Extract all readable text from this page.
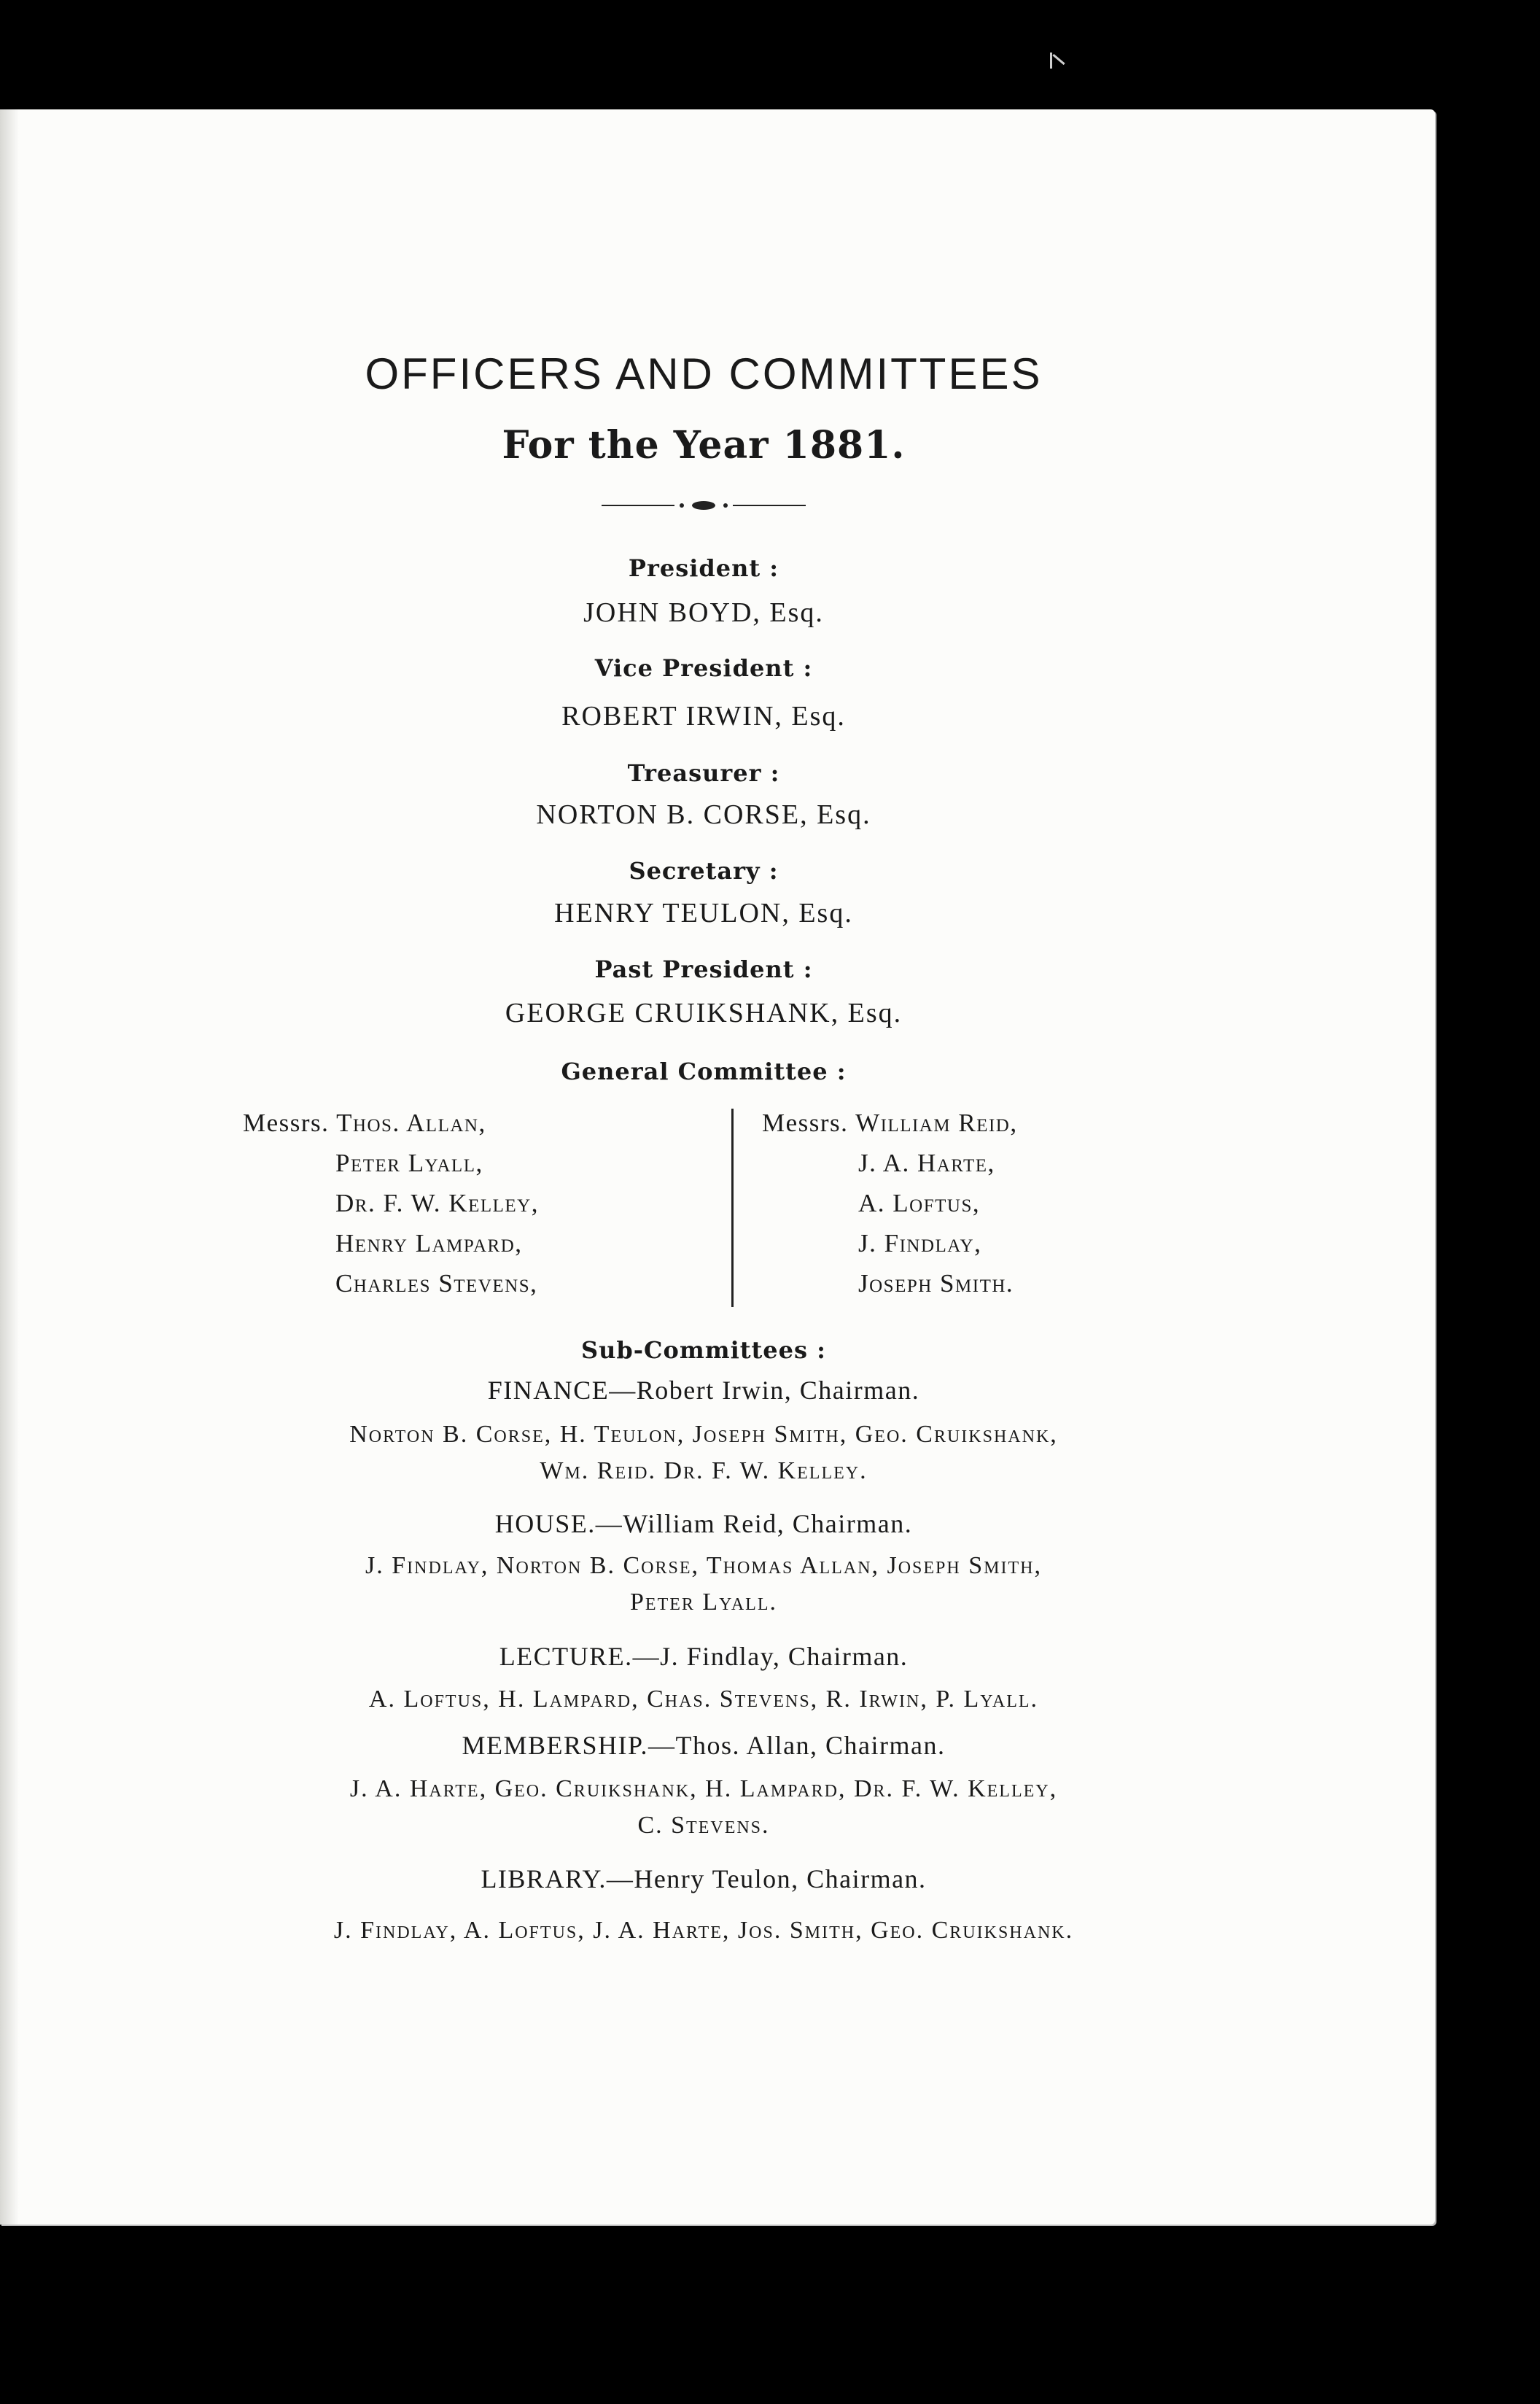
OFFICERS AND COMMITTEES
For the Year 1881.
President :
JOHN BOYD, Esq.
Vice President :
ROBERT IRWIN, Esq.
Treasurer :
NORTON B. CORSE, Esq.
Secretary :
HENRY TEULON, Esq.
Past President :
GEORGE CRUIKSHANK, Esq.
General Committee :
Messrs. Thos. Allan,
Peter Lyall,
Dr. F. W. Kelley,
Henry Lampard,
Charles Stevens,
Messrs. William Reid,
J. A. Harte,
A. Loftus,
J. Findlay,
Joseph Smith.
Sub-Committees :
FINANCE—Robert Irwin, Chairman.
Norton B. Corse, H. Teulon, Joseph Smith, Geo. Cruikshank,
Wm. Reid. Dr. F. W. Kelley.
HOUSE.—William Reid, Chairman.
J. Findlay, Norton B. Corse, Thomas Allan, Joseph Smith,
Peter Lyall.
LECTURE.—J. Findlay, Chairman.
A. Loftus, H. Lampard, Chas. Stevens, R. Irwin, P. Lyall.
MEMBERSHIP.—Thos. Allan, Chairman.
J. A. Harte, Geo. Cruikshank, H. Lampard, Dr. F. W. Kelley,
C. Stevens.
LIBRARY.—Henry Teulon, Chairman.
J. Findlay, A. Loftus, J. A. Harte, Jos. Smith, Geo. Cruikshank.
